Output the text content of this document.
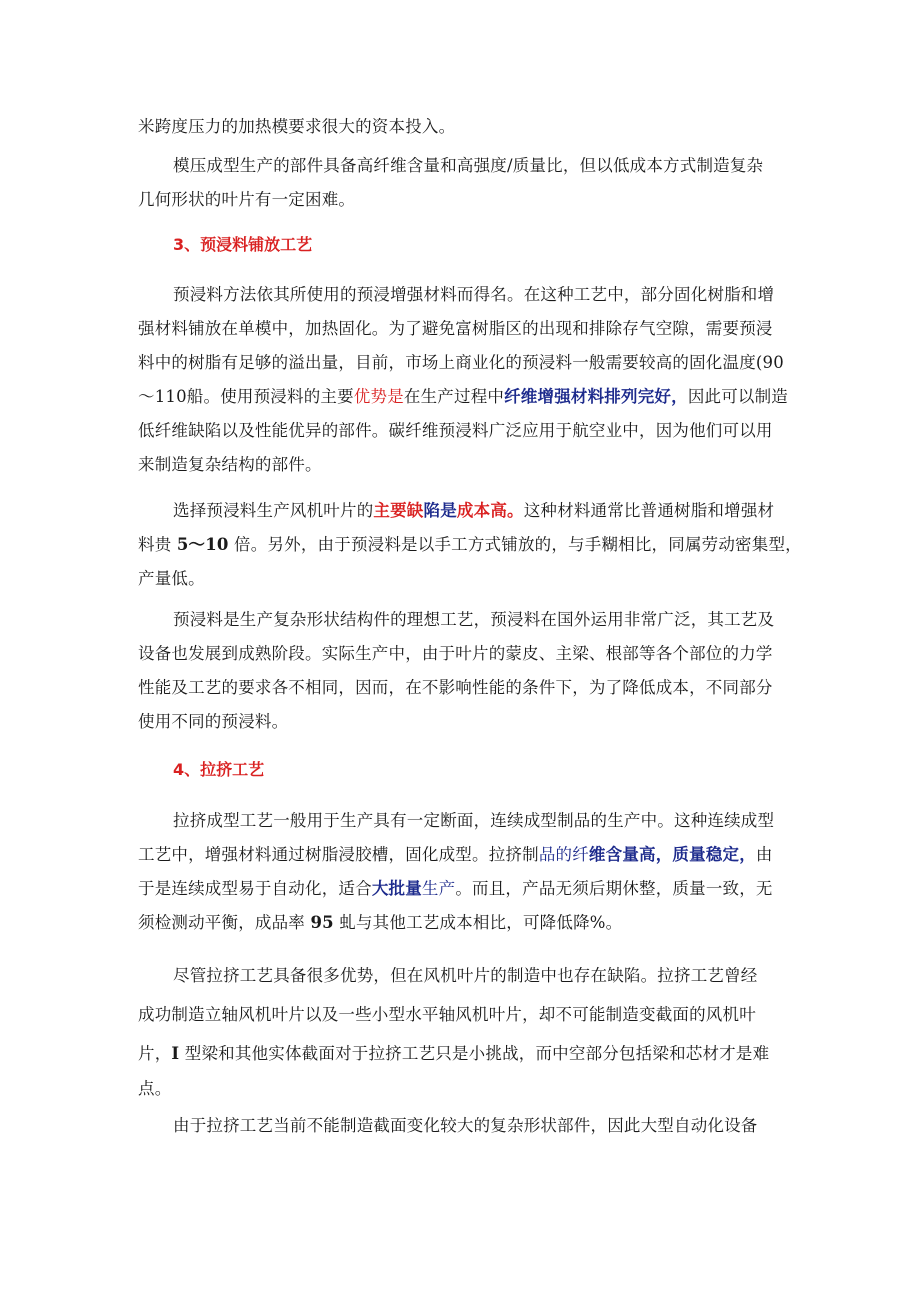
米跨度压力的加热模要求很大的资本投入。
模压成型生产的部件具备高纤维含量和高强度/质量比，但以低成本方式制造复杂
几何形状的叶片有一定困难。
3、预浸料铺放工艺
预浸料方法依其所使用的预浸增强材料而得名。在这种工艺中，部分固化树脂和增
强材料铺放在单模中，加热固化。为了避免富树脂区的出现和排除存气空隙，需要预浸
料中的树脂有足够的溢出量，目前，市场上商业化的预浸料一般需要较高的固化温度(90
～110船。使用预浸料的主要优势是在生产过程中纤维增强材料排列完好，因此可以制造
低纤维缺陷以及性能优异的部件。碳纤维预浸料广泛应用于航空业中，因为他们可以用
来制造复杂结构的部件。
选择预浸料生产风机叶片的主要缺陷是成本高。这种材料通常比普通树脂和增强材
料贵 5～10 倍。另外，由于预浸料是以手工方式铺放的，与手糊相比，同属劳动密集型，
产量低。
预浸料是生产复杂形状结构件的理想工艺，预浸料在国外运用非常广泛，其工艺及
设备也发展到成熟阶段。实际生产中，由于叶片的蒙皮、主梁、根部等各个部位的力学
性能及工艺的要求各不相同，因而，在不影响性能的条件下，为了降低成本，不同部分
使用不同的预浸料。
4、拉挤工艺
拉挤成型工艺一般用于生产具有一定断面，连续成型制品的生产中。这种连续成型
工艺中，增强材料通过树脂浸胶槽，固化成型。拉挤制品的纤维含量高，质量稳定，由
于是连续成型易于自动化，适合大批量生产。而且，产品无须后期休整，质量一致，无
须检测动平衡，成品率 95 虬与其他工艺成本相比，可降低降%。
尽管拉挤工艺具备很多优势，但在风机叶片的制造中也存在缺陷。拉挤工艺曾经
成功制造立轴风机叶片以及一些小型水平轴风机叶片，却不可能制造变截面的风机叶
片，I 型梁和其他实体截面对于拉挤工艺只是小挑战，而中空部分包括梁和芯材才是难
点。
由于拉挤工艺当前不能制造截面变化较大的复杂形状部件，因此大型自动化设备
